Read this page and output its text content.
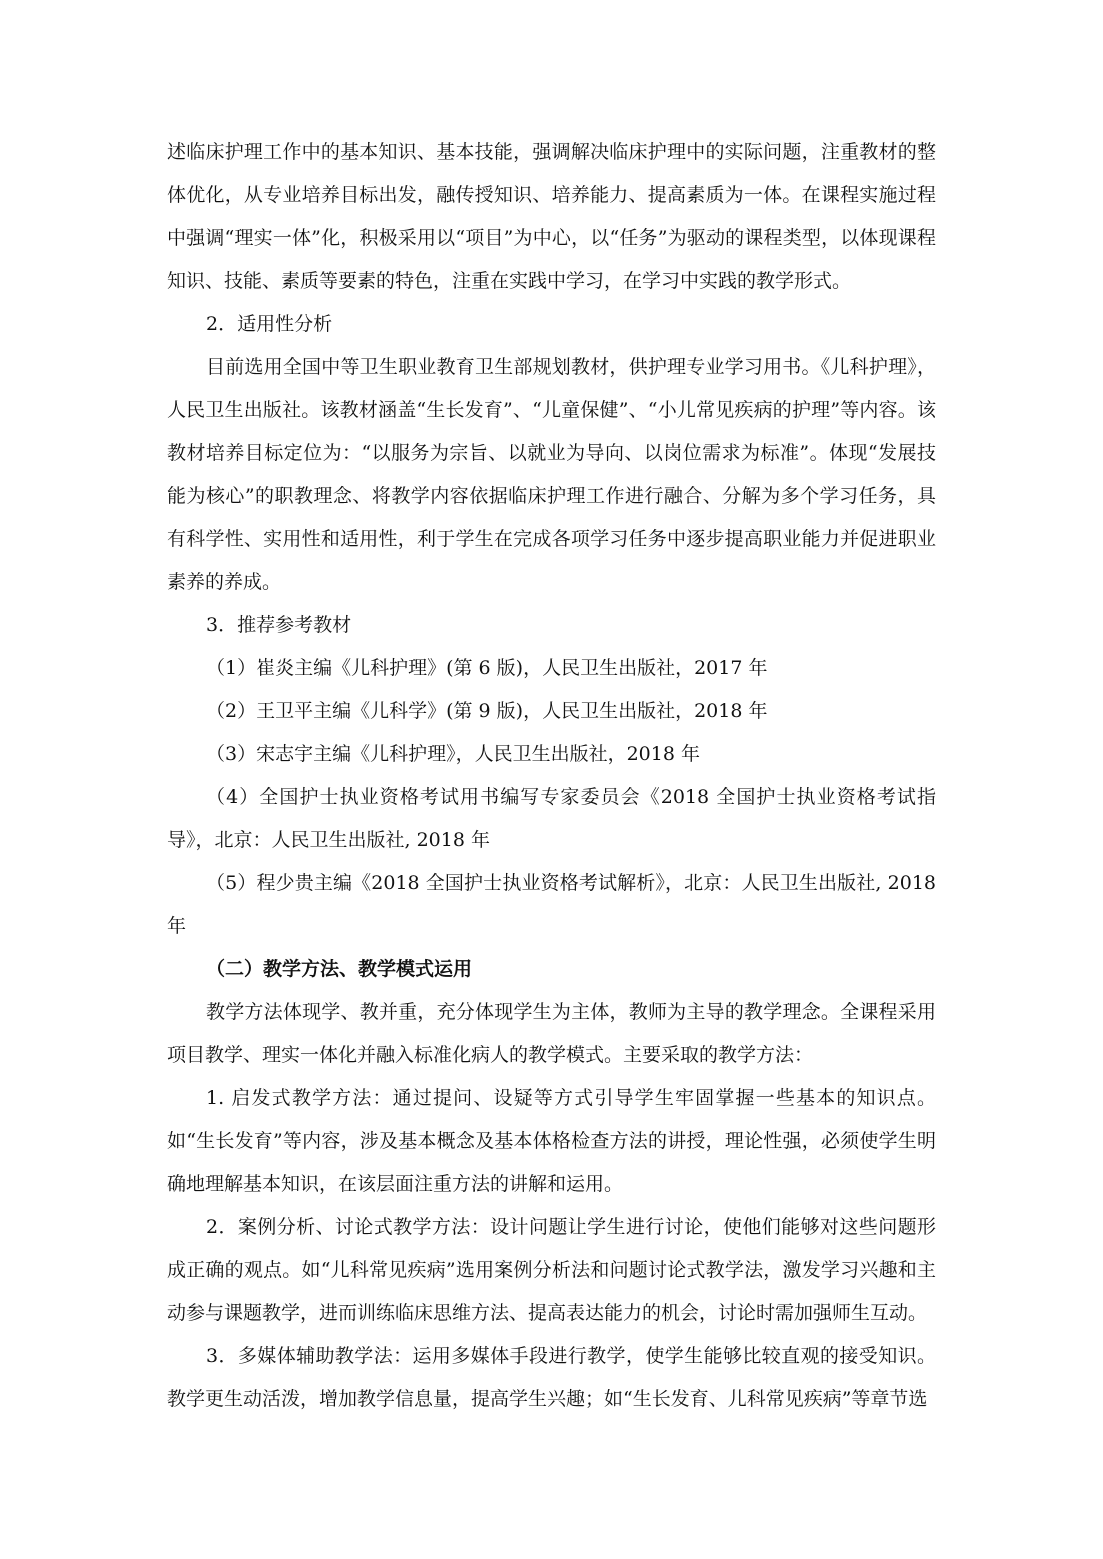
述临床护理工作中的基本知识、基本技能，强调解决临床护理中的实际问题，注重教材的整体优化，从专业培养目标出发，融传授知识、培养能力、提高素质为一体。在课程实施过程中强调“理实一体”化，积极采用以“项目”为中心，以“任务”为驱动的课程类型，以体现课程知识、技能、素质等要素的特色，注重在实践中学习，在学习中实践的教学形式。

2．适用性分析

目前选用全国中等卫生职业教育卫生部规划教材，供护理专业学习用书。《儿科护理》，人民卫生出版社。该教材涵盖“生长发育”、“儿童保健”、“小儿常见疾病的护理”等内容。该教材培养目标定位为：“以服务为宗旨、以就业为导向、以岗位需求为标准”。体现“发展技能为核心”的职教理念、将教学内容依据临床护理工作进行融合、分解为多个学习任务，具有科学性、实用性和适用性，利于学生在完成各项学习任务中逐步提高职业能力并促进职业素养的养成。

3．推荐参考教材

（1）崔炎主编《儿科护理》(第 6 版)，人民卫生出版社，2017 年

（2）王卫平主编《儿科学》(第 9 版)，人民卫生出版社，2018 年

（3）宋志宇主编《儿科护理》，人民卫生出版社，2018 年

（4）全国护士执业资格考试用书编写专家委员会《2018 全国护士执业资格考试指导》，北京：人民卫生出版社, 2018 年

（5）程少贵主编《2018 全国护士执业资格考试解析》，北京：人民卫生出版社, 2018 年

（二）教学方法、教学模式运用

教学方法体现学、教并重，充分体现学生为主体，教师为主导的教学理念。全课程采用项目教学、理实一体化并融入标准化病人的教学模式。主要采取的教学方法：

1. 启发式教学方法：通过提问、设疑等方式引导学生牢固掌握一些基本的知识点。如“生长发育”等内容，涉及基本概念及基本体格检查方法的讲授，理论性强，必须使学生明确地理解基本知识，在该层面注重方法的讲解和运用。

2．案例分析、讨论式教学方法：设计问题让学生进行讨论，使他们能够对这些问题形成正确的观点。如“儿科常见疾病”选用案例分析法和问题讨论式教学法，激发学习兴趣和主动参与课题教学，进而训练临床思维方法、提高表达能力的机会，讨论时需加强师生互动。

3．多媒体辅助教学法：运用多媒体手段进行教学，使学生能够比较直观的接受知识。教学更生动活泼，增加教学信息量，提高学生兴趣；如“生长发育、儿科常见疾病”等章节选
